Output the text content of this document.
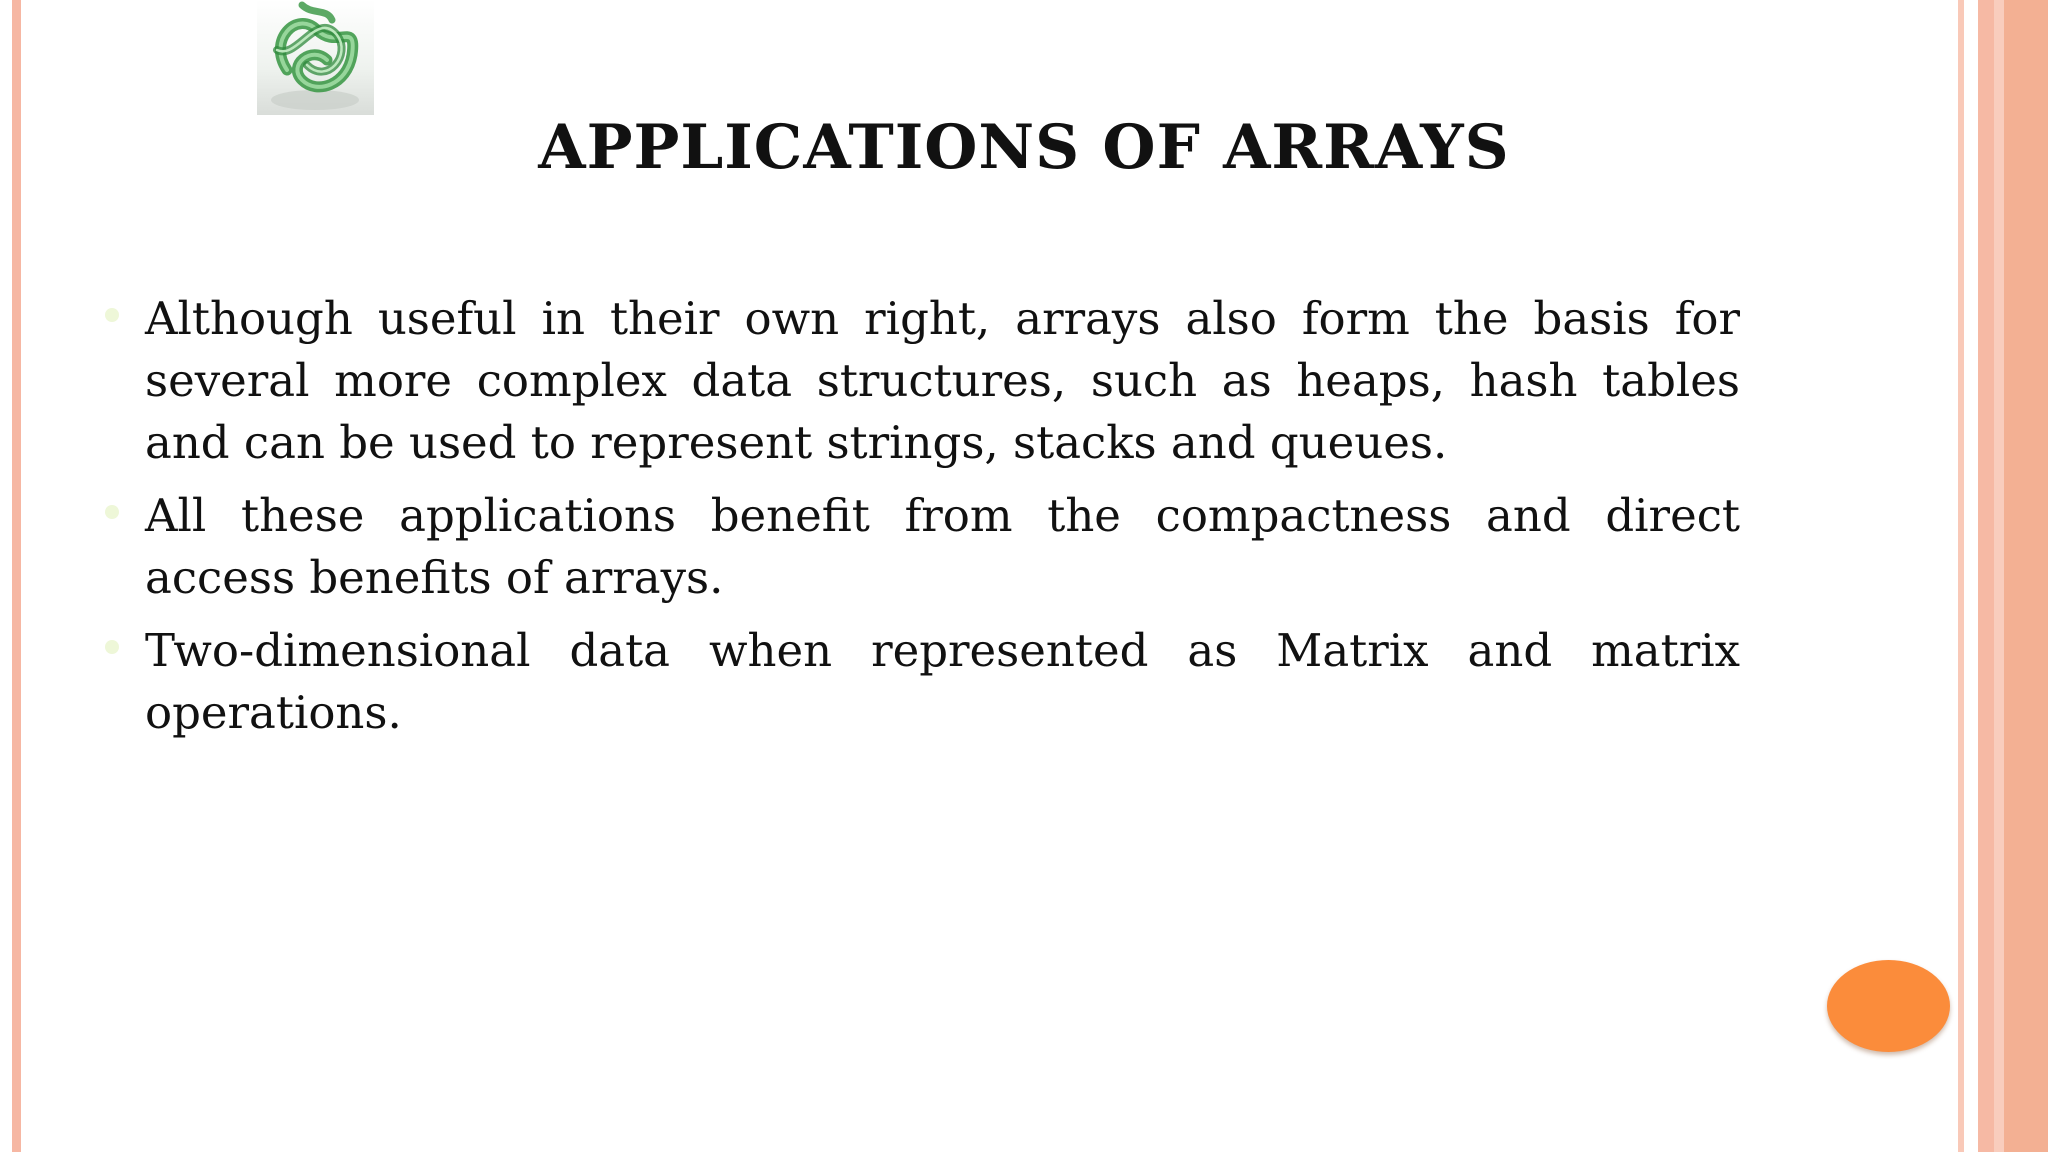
APPLICATIONS OF ARRAYS
Although useful in their own right, arrays also form the basis for several more complex data structures, such as heaps, hash tables and can be used to represent strings, stacks and queues.
All these applications benefit from the compactness and direct access benefits of arrays.
Two-dimensional data when represented as Matrix and matrix operations.
